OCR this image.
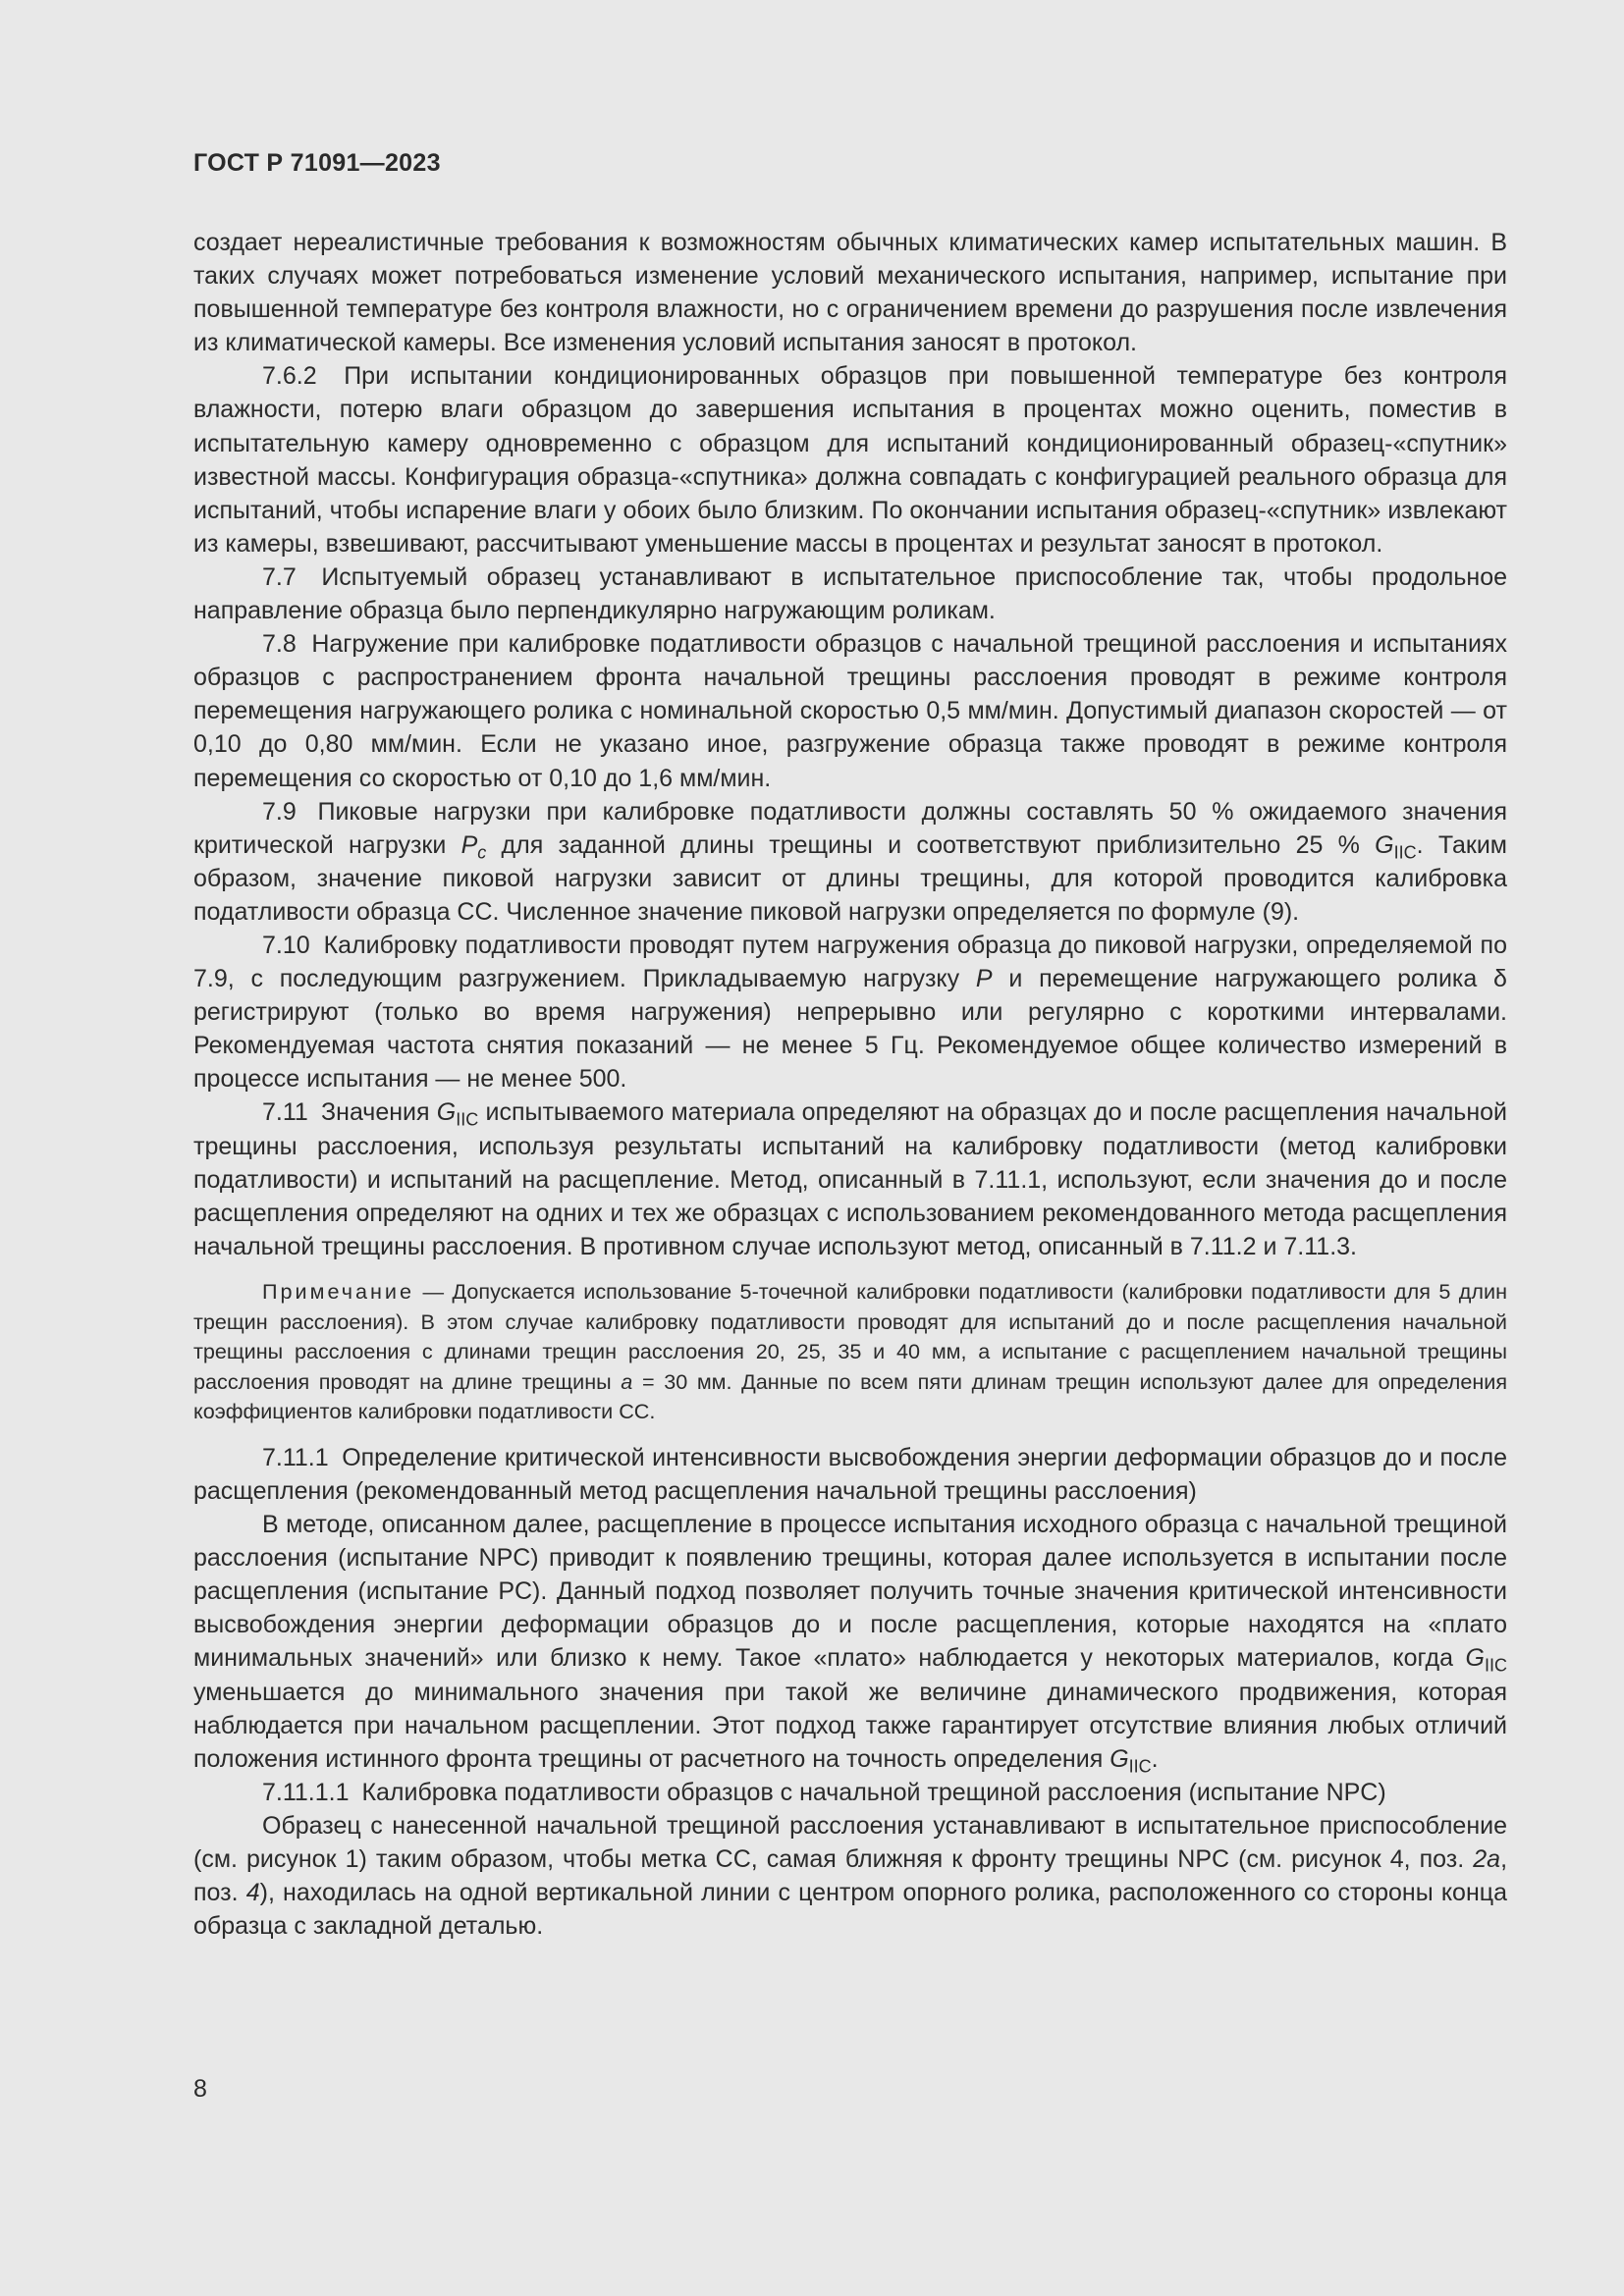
ГОСТ Р 71091—2023

создает нереалистичные требования к возможностям обычных климатических камер испытательных машин. В таких случаях может потребоваться изменение условий механического испытания, например, испытание при повышенной температуре без контроля влажности, но с ограничением времени до разрушения после извлечения из климатической камеры. Все изменения условий испытания заносят в протокол.

7.6.2 При испытании кондиционированных образцов при повышенной температуре без контроля влажности, потерю влаги образцом до завершения испытания в процентах можно оценить, поместив в испытательную камеру одновременно с образцом для испытаний кондиционированный образец-«спутник» известной массы. Конфигурация образца-«спутника» должна совпадать с конфигурацией реального образца для испытаний, чтобы испарение влаги у обоих было близким. По окончании испытания образец-«спутник» извлекают из камеры, взвешивают, рассчитывают уменьшение массы в процентах и результат заносят в протокол.

7.7 Испытуемый образец устанавливают в испытательное приспособление так, чтобы продольное направление образца было перпендикулярно нагружающим роликам.

7.8 Нагружение при калибровке податливости образцов с начальной трещиной расслоения и испытаниях образцов с распространением фронта начальной трещины расслоения проводят в режиме контроля перемещения нагружающего ролика с номинальной скоростью 0,5 мм/мин. Допустимый диапазон скоростей — от 0,10 до 0,80 мм/мин. Если не указано иное, разгружение образца также проводят в режиме контроля перемещения со скоростью от 0,10 до 1,6 мм/мин.

7.9 Пиковые нагрузки при калибровке податливости должны составлять 50 % ожидаемого значения критической нагрузки $P_c$ для заданной длины трещины и соответствуют приблизительно 25 % $G_{IIC}$. Таким образом, значение пиковой нагрузки зависит от длины трещины, для которой проводится калибровка податливости образца СС. Численное значение пиковой нагрузки определяется по формуле (9).

7.10 Калибровку податливости проводят путем нагружения образца до пиковой нагрузки, определяемой по 7.9, с последующим разгружением. Прикладываемую нагрузку P и перемещение нагружающего ролика δ регистрируют (только во время нагружения) непрерывно или регулярно с короткими интервалами. Рекомендуемая частота снятия показаний — не менее 5 Гц. Рекомендуемое общее количество измерений в процессе испытания — не менее 500.

7.11 Значения $G_{IIC}$ испытываемого материала определяют на образцах до и после расщепления начальной трещины расслоения, используя результаты испытаний на калибровку податливости (метод калибровки податливости) и испытаний на расщепление. Метод, описанный в 7.11.1, используют, если значения до и после расщепления определяют на одних и тех же образцах с использованием рекомендованного метода расщепления начальной трещины расслоения. В противном случае используют метод, описанный в 7.11.2 и 7.11.3.

Примечание — Допускается использование 5-точечной калибровки податливости (калибровки податливости для 5 длин трещин расслоения). В этом случае калибровку податливости проводят для испытаний до и после расщепления начальной трещины расслоения с длинами трещин расслоения 20, 25, 35 и 40 мм, а испытание с расщеплением начальной трещины расслоения проводят на длине трещины a = 30 мм. Данные по всем пяти длинам трещин используют далее для определения коэффициентов калибровки податливости СС.

7.11.1 Определение критической интенсивности высвобождения энергии деформации образцов до и после расщепления (рекомендованный метод расщепления начальной трещины расслоения)

В методе, описанном далее, расщепление в процессе испытания исходного образца с начальной трещиной расслоения (испытание NPC) приводит к появлению трещины, которая далее используется в испытании после расщепления (испытание PC). Данный подход позволяет получить точные значения критической интенсивности высвобождения энергии деформации образцов до и после расщепления, которые находятся на «плато минимальных значений» или близко к нему. Такое «плато» наблюдается у некоторых материалов, когда $G_{IIC}$ уменьшается до минимального значения при такой же величине динамического продвижения, которая наблюдается при начальном расщеплении. Этот подход также гарантирует отсутствие влияния любых отличий положения истинного фронта трещины от расчетного на точность определения $G_{IIC}$.

7.11.1.1 Калибровка податливости образцов с начальной трещиной расслоения (испытание NPC)

Образец с нанесенной начальной трещиной расслоения устанавливают в испытательное приспособление (см. рисунок 1) таким образом, чтобы метка СС, самая ближняя к фронту трещины NPC (см. рисунок 4, поз. 2а, поз. 4), находилась на одной вертикальной линии с центром опорного ролика, расположенного со стороны конца образца с закладной деталью.

8
